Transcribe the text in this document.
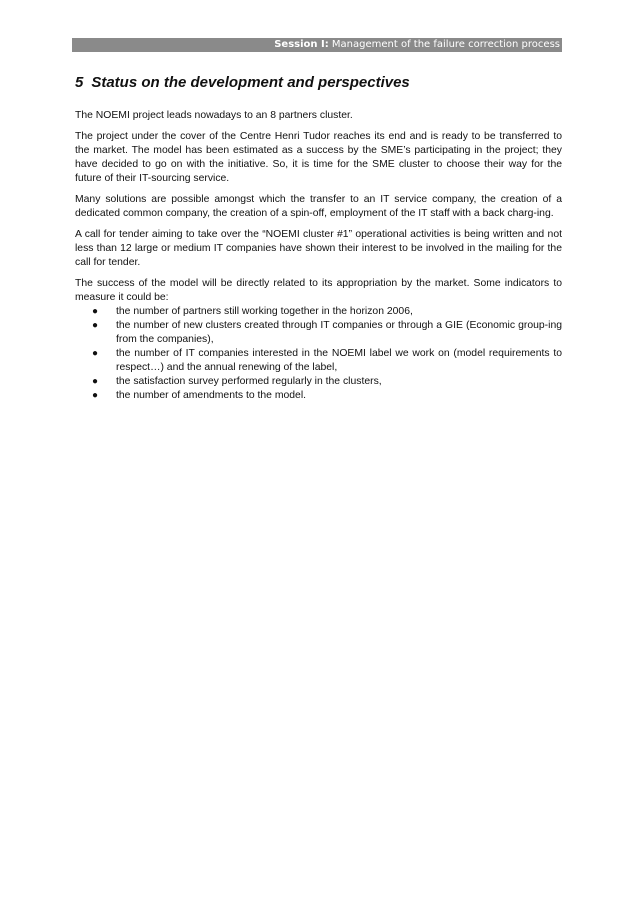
Session I: Management of the failure correction process
5 Status on the development and perspectives

The NOEMI project leads nowadays to an 8 partners cluster.

The project under the cover of the Centre Henri Tudor reaches its end and is ready to be transferred to the market. The model has been estimated as a success by the SME’s participating in the project; they have decided to go on with the initiative. So, it is time for the SME cluster to choose their way for the future of their IT-sourcing service.

Many solutions are possible amongst which the transfer to an IT service company, the creation of a dedicated common company, the creation of a spin-off, employment of the IT staff with a back charg-ing.

A call for tender aiming to take over the “NOEMI cluster #1” operational activities is being written and not less than 12 large or medium IT companies have shown their interest to be involved in the mailing for the call for tender.

The success of the model will be directly related to its appropriation by the market. Some indicators to measure it could be:

● the number of partners still working together in the horizon 2006,
● the number of new clusters created through IT companies or through a GIE (Economic group-ing from the companies),
● the number of IT companies interested in the NOEMI label we work on (model requirements to respect…) and the annual renewing of the label,
● the satisfaction survey performed regularly in the clusters,
● the number of amendments to the model.
